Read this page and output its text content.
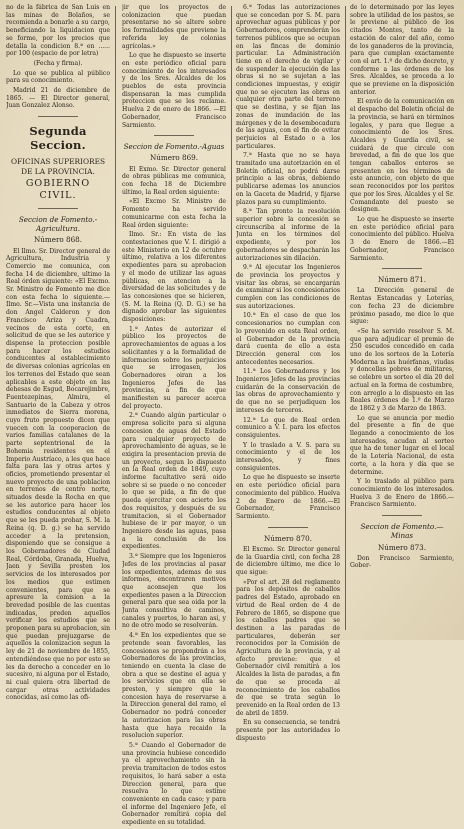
no de la fábrica de San Luis en las minas de Bolaños, se recomienda a bonarle a su cargo, beneficiando la liquidacion que se forme, por los precios que detalla la condicion 8.ª en ...... por 100 (espacio de por letra)

(Fecha y firma).

Lo que se publica al público para su conocimiento.

Madrid 21 de diciembre de 1865. — El Director general, Juan Gonzalez Alonso.

Segunda Seccion.
OFICINAS SUPERIORES DE LA PROVINCIA.
GOBIERNO CIVIL.
Seccion de Fomento.-Agricultura.
Número 868.

El Ilmo. Sr. Director general de Agricultura, Industria y Comercio me comunica, con fecha 14 de diciembre, ultimo la Real órden siguiente: «El Excmo. Sr. Ministro de Fomento me dice con esta fecha lo siguiente.—Ilmo. Sr.—Vista una instancia de don Angel Calderon y don Francisco Ariza y Cuadra, vecinos de esta corte, en solicitud de que se les autorice y dispense la proteccion posible para hacer los estudios conducentes al establecimiento de diversas colonias agrícolas en los terrenos del Estado que sean aplicables a este objeto en las dehesas de Esgud, Bocarejimbre, Fuentezepinas, Almira, el Santuario de la Cabeza y otros inmediatos de Sierra morena, cuyo fruto propuesto dicen que vuecen con la cooperacion de varios familias catalanes de la parte septentrional de la Bohemia residentes en el Imperio Austríaco, a les que hace falta para las y otras artes y oficios, prometiendo presentar el nuevo proyecto de una poblacion en terrenos de centro norte, situados desde la Rocha en que se les autorice para hacer los estudios conducentes al objeto que se les pueda probar, S. M. la Reina (q. D. g.) se ha servido acceder a la pretension, disponiendo que se consigue a los Gobernadores de Ciudad Real, Córdoba, Granada, Huelva, Jaen y Sevilla presten los servicios de los interesados por los medios que estimen convenientes, para que se apresure la comision a la brevedad posible de las cuentas indicadas, preden aquellos verificar los estudios que se proponen para su aprobacion, sin que puedan prejuzgarse de aquellos la colonizacion segun la ley de 21 de noviembre de 1855, entendiéndose que no por esto se les da derecho a conceder en lo sucesivo, ni alguna por el Estado, ni cual quiera otra libertad de cargar otras actividades conocidas, así como las ofi-

jir que los proyectos de colonizacion que puedan presentarse no se altere sobre los formalidades que previene la referida ley de colonias agrícolas.»

Lo que he dispuesto se inserte en este periódico oficial para conocimiento de los interesados y de los Sres. Alcaldes de los pueblos de esta provincia dispensaran la mas cumplida proteccion que se les reclame. Huelva 2 de enero de 1866. —El Gobernador, Francisco Sarmiento.

Seccion de Fomento.-Aguas
Número 869.

El Exmo. Sr. Director general de obras públicas me comunica, con fecha 18 de Diciembre último, la Real orden siguiente:

«El Excmo Sr. Ministro de Fomento ha servido comunicarme con esta fecha la Real órden siguiente:

Ilmo. Sr.: En vista de las contestaciones que V. I. dirigió a este Ministerio en 12 de octubre último, relativa a los diferentes expedientes para su aprobacion y el modo de utilizar las aguas públicas, en atencion a la diversidad de las solicitudes y de las concesiones que se hicieren, (S. M. la Reina (Q. D. G.) se ha dignado aprobar las siguientes disposiciones:

1.ª Antes de autorizar el público los proyectos de aprovechamientos de aguas a los solicitantes y a la formalidad de informacion sobre los perjuicios que se irrogasen, los Gobernadores oiran a los Ingenieros Jefes de las provincias, a fin de que manifiesten su parecer acerca del proyecto.

2.ª Cuando algún particular o empresa solicite para si alguna concesion de aguas del Estado para cualquier proyecto de aprovechamiento de aguas, se le exigira la presentacion previa de un proyecto, segun lo dispuesto en la Real orden de 1849, cuyo informe facultativo será oido sobre si se puede o no conceder lo que se pida, a fin de que pueda ejercitar con acierto los dos requisitos, y después de su tramitacion, si el Gobernador hubiese de ir por mayor, o un Ingeniero desde las aguas, pasa a la conclusión de los expedientes.

3.ª Siempre que los Ingenieros Jefes de los provincias al pasar los expedientes, ademas de sus informes, encontraren motivos que aconsejen que los expedientes pasen a la Direccion general para que sea oida por la Junta consultiva de caminos, canales y puertos, lo haran asi, y no de otro modo se resolverán.

4.ª En los expedientes que se pretende sean favorables, las concesiones se propondrán a los Gobernadores de las provincias, teniendo en cuenta la clase de obra a que se destine el agua y los servicios que en ella se presten, y siempre que la concesion haya de reservarse a la Direccion general del ramo, el Gobernador no podrá conceder la autorizacion para las obras hasta que haya recaido la resolucion superior.

5.ª Cuando el Gobernador de una provincia hubiese concedido ya el aprovechamiento sin la previa tramitacion de todos estos requisitos, lo hará saber a esta Direccion general, para que resuelva lo que estime conveniente en cada caso; y para el informe del Ingeniero Jefe, el Gobernador remitirá copia del expediente en su totalidad.

6.ª Todas las autorizaciones que se concedan por S. M. para aprovechar aguas públicas y por Gobernadores, comprenderán los terrenos públicos que se ocupan en las fincas de dominio particular. La Administración tiene en el derecho de vigilar y de suspender la ejecución de las obras si no se sujetan a las condiciones impuestas, y exigir que no se ejecuten las obras en cualquier otra parte del terreno que se destina, y se fijan las zonas de inundación de las márgenes y de la desembocadura de las aguas, con el fin de evitar perjuicios al Estado o a los particulares.

7.ª Hasta que no se haya tramitado una autorización en el Boletín oficial, no podrá darse principio a las obras, debiendo publicarse ademas los anuncios en la Gaceta de Madrid, y fijarse plazos para su cumplimiento.

8.ª Tan pronto la resolución superior sobre la concesión se circunscriba al informe de la Junta en los términos del expediente, y por los gobernadores se despacharán las autorizaciones sin dilación.

9.ª Al ejecutar los Ingenieros de provincia los proyectos y visitar las obras, se encargarán de examinar si los concesionarios cumplen con las condiciones de sus autorizaciones.

10.ª En el caso de que los concesionarios no cumplan con lo prevenido en esta Real orden, el Gobernador de la provincia dará cuenta de ello a esta Dirección general con los antecedentes necesarios.

11.ª Los Gobernadores y los Ingenieros Jefes de las provincias cuidarán de la conservación de las obras de aprovechamiento y de que no se perjudiquen los intereses de terceros.

12.ª Lo que de Real orden comunico a V. I. para los efectos consiguientes.

Y lo traslado a V. S. para su conocimiento y el de los interesados, y fines consiguientes.

Lo que he dispuesto se inserte en este periódico oficial para conocimiento del público. Huelva 2 de Enero de 1866.—El Gobernador, Francisco Sarmiento.

Número 870.

El Excmo. Sr. Director general de la Guardia civil, con fecha 28 de diciembre último, me dice lo que sigue:

«Por el art. 28 del reglamento para los depósitos de caballos padres del Estado, aprobado en virtud de Real orden de 4 de Febrero de 1865, se dispone que los caballos padres que se destinen a las paradas de particulares, deberán ser reconocidos por la Comisión de Agricultura de la provincia, y al efecto previene: que el Gobernador civil remitirá a los Alcaldes la lista de paradas, a fin de que se proceda al reconocimiento de los caballos de que se trata según lo prevenido en la Real orden de 13 de abril de 1859.

En su consecuencia, se tendrá presente por las autoridades lo dispuesto

de lo determinado por las leyes sobre la utilidad de los pastos, se le previene al público de los citados Montes, tanto de la estación de calor del año, como de los ganaderos de la provincia, para que cumplan exactamente con el art. 1.º de dicho decreto, y conforme a las órdenes de los Sres. Alcaldes, se proceda a lo que se previene en la disposición anterior.

El envío de la comunicación en el despacho del Boletín oficial de la provincia, se hará en términos legales, y para que llegue a conocimiento de los Sres. Alcaldes y Guardia civil, se cuidará de que circule con brevedad, a fin de que los que tengan caballos enteros se presenten en los términos de este anuncio, con objeto de que sean reconocidos por los peritos que por los Sres. Alcaldes y el Sr. Comandante del puesto se designen.

Lo que he dispuesto se inserte en este periódico oficial para conocimiento del público. Huelva 3 de Enero de 1866.—El Gobernador, Francisco Sarmiento.

Número 871.

La Dirección general de Rentas Estancadas y Loterías, con fecha 23 de diciembre próximo pasado, me dice lo que sigue:

«Se ha servido resolver S. M. que para adjudicar el premio de 250 escudos concedido en cada uno de los sorteos de la Lotería Moderna a las huérfanas, viudas y doncellas pobres de militares, se celebre un sorteo el día 20 del actual en la forma de costumbre, con arreglo a lo dispuesto en las Reales órdenes de 1.º de Marzo de 1862 y 3 de Marzo de 1863.

Lo que se anuncia por medio del presente a fin de que llegando a conocimiento de los interesados, acudan al sorteo que ha de tener lugar en el local de la Lotería Nacional, de esta corte, a la hora y día que se determine.

Y lo traslado al público para conocimiento de los interesados. Huelva 3 de Enero de 1866.—Francisco Sarmiento.

Seccion de Fomento.—Minas
Número 873.

Don Francisco Sarmiento, Gober-
